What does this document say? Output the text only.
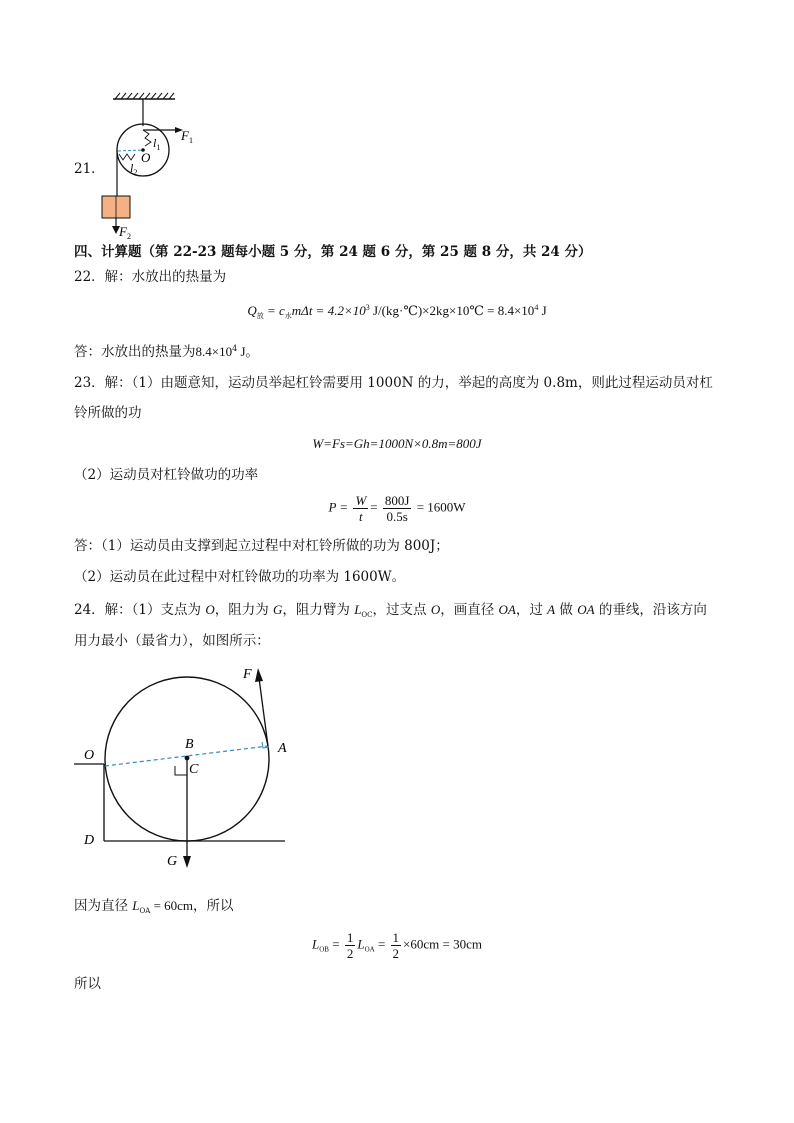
21．
$F_1$
$l_1$
O
$l_2$
$F_2$
四、计算题（第 22-23 题每小题 5 分，第 24 题 6 分，第 25 题 8 分，共 24 分）
22．解：水放出的热量为
$Q_放 = c_水m\Delta t = 4.2\times 10^3$ J/(kg·℃)×2kg×10℃ = $8.4\times 10^4$ J
答：水放出的热量为$8.4\times 10^4$ J。
23．解：（1）由题意知，运动员举起杠铃需要用 1000N 的力，举起的高度为 0.8m，则此过程运动员对杠
铃所做的功
W=Fs=Gh=1000N×0.8m=800J
（2）运动员对杠铃做功的功率
$P = \frac{W}{t} = \frac{800J}{0.5s} = 1600W$
答：（1）运动员由支撑到起立过程中对杠铃所做的功为 800J；
（2）运动员在此过程中对杠铃做功的功率为 1600W。
24．解：（1）支点为 O，阻力为 G，阻力臂为 $L_{OC}$，过支点 O，画直径 OA，过 A 做 OA 的垂线，沿该方向
用力最小（最省力），如图所示：
F
A
B
C
O
D
G
因为直径 $L_{OA} = 60cm$，所以
$L_{OB} = \frac{1}{2} L_{OA} = \frac{1}{2} \times 60cm = 30cm$
所以
